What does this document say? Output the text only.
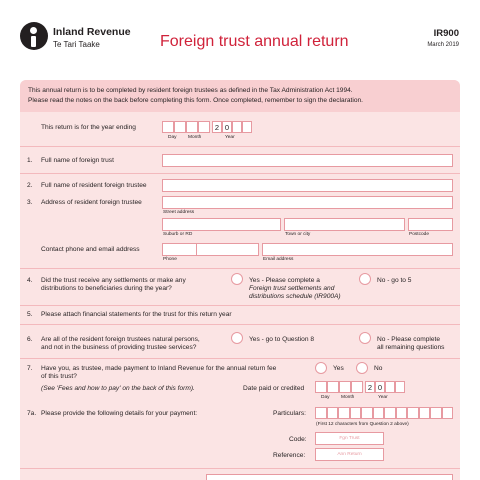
Inland Revenue
Te Tari Taake	Foreign trust annual return	IR900
March 2019
This annual return is to be completed by resident foreign trustees as defined in the Tax Administration Act 1994.
Please read the notes on the back before completing this form. Once completed, remember to sign the declaration.
This return is for the year ending	2 0
Day Month	Year
1. Full name of foreign trust
2. Full name of resident foreign trustee
3. Address of resident foreign trustee
Street address
Suburb or RD	Town or city	Postcode
Contact phone and email address
Phone	Email address
4. Did the trust receive any settlements or make any
distributions to beneficiaries during the year?
Yes - Please complete a
Foreign trust settlements and
distributions schedule (IR900A)
No - go to 5
5. Please attach financial statements for the trust for this return year
6. Are all of the resident foreign trustees natural persons,
and not in the business of providing trustee services?
Yes - go to Question 8	No - Please complete
all remaining questions
7. Have you, as trustee, made payment to Inland Revenue for the annual return fee
of this trust?
Yes	No
(See 'Fees and how to pay' on the back of this form).	Date paid or credited	2 0
Day Month	Year
7a. Please provide the following details for your payment:	Particulars:
(First 12 characters from Question 2 above)
Code:	Fgn Trust
Reference:	Ann Return
